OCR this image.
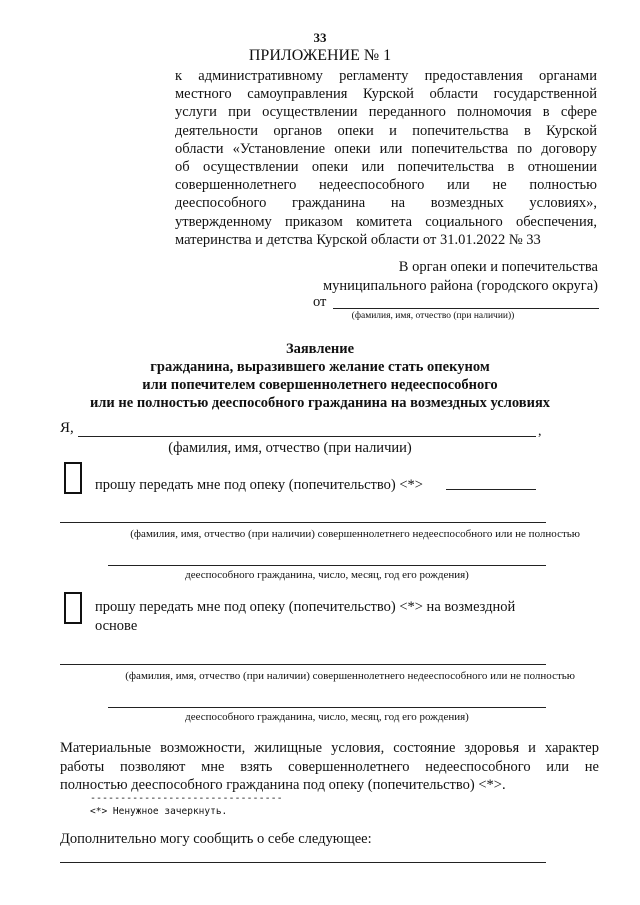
33
ПРИЛОЖЕНИЕ № 1
к административному регламенту предоставления органами
местного самоуправления Курской области государственной
услуги при осуществлении переданного полномочия в сфере
деятельности органов опеки и попечительства в Курской
области «Установление опеки или попечительства по договору
об осуществлении опеки или попечительства в отношении
совершеннолетнего недееспособного или не полностью
дееспособного гражданина на возмездных условиях»,
утвержденному приказом комитета социального обеспечения,
материнства и детства Курской области от 31.01.2022 № 33
В орган опеки и попечительства
муниципального района (городского округа)
от
(фамилия, имя, отчество (при наличии))
Заявление
гражданина, выразившего желание стать опекуном
или попечителем совершеннолетнего недееспособного
или не полностью дееспособного гражданина на возмездных условиях
Я,	,
(фамилия, имя, отчество (при наличии)
прошу передать мне под опеку (попечительство) <*>
(фамилия, имя, отчество (при наличии) совершеннолетнего недееспособного или не полностью
дееспособного гражданина, число, месяц, год его рождения)
прошу передать мне под опеку (попечительство) <*> на возмездной
основе
(фамилия, имя, отчество (при наличии) совершеннолетнего недееспособного или не полностью
дееспособного гражданина, число, месяц, год его рождения)
Материальные возможности, жилищные условия, состояние здоровья и характер
работы позволяют мне взять совершеннолетнего недееспособного или не
полностью дееспособного гражданина под опеку (попечительство) <*>.
--------------------------------
<*> Ненужное зачеркнуть.
Дополнительно могу сообщить о себе следующее:
